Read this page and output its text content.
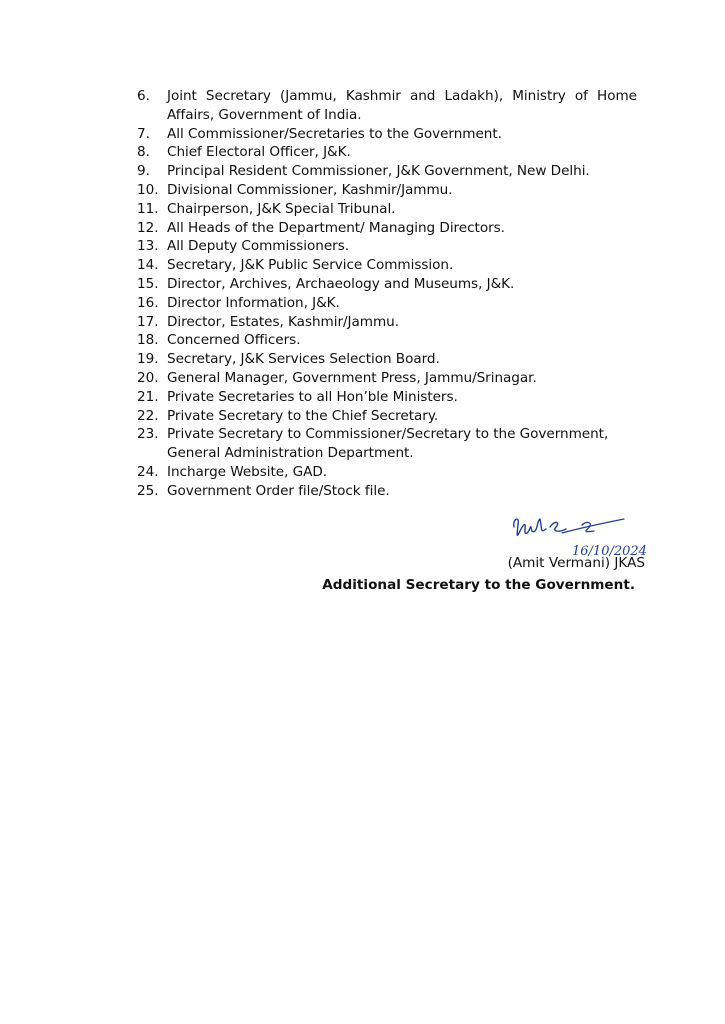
6.	Joint Secretary (Jammu, Kashmir and Ladakh), Ministry of Home Affairs, Government of India.
7.	All Commissioner/Secretaries to the Government.
8.	Chief Electoral Officer, J&K.
9.	Principal Resident Commissioner, J&K Government, New Delhi.
10. Divisional Commissioner, Kashmir/Jammu.
11. Chairperson, J&K Special Tribunal.
12. All Heads of the Department/ Managing Directors.
13. All Deputy Commissioners.
14. Secretary, J&K Public Service Commission.
15. Director, Archives, Archaeology and Museums, J&K.
16. Director Information, J&K.
17. Director, Estates, Kashmir/Jammu.
18. Concerned Officers.
19. Secretary, J&K Services Selection Board.
20. General Manager, Government Press, Jammu/Srinagar.
21. Private Secretaries to all Hon’ble Ministers.
22. Private Secretary to the Chief Secretary.
23. Private Secretary to Commissioner/Secretary to the Government, General Administration Department.
24. Incharge Website, GAD.
25. Government Order file/Stock file.
16/10/2024
(Amit Vermani) JKAS
Additional Secretary to the Government.
